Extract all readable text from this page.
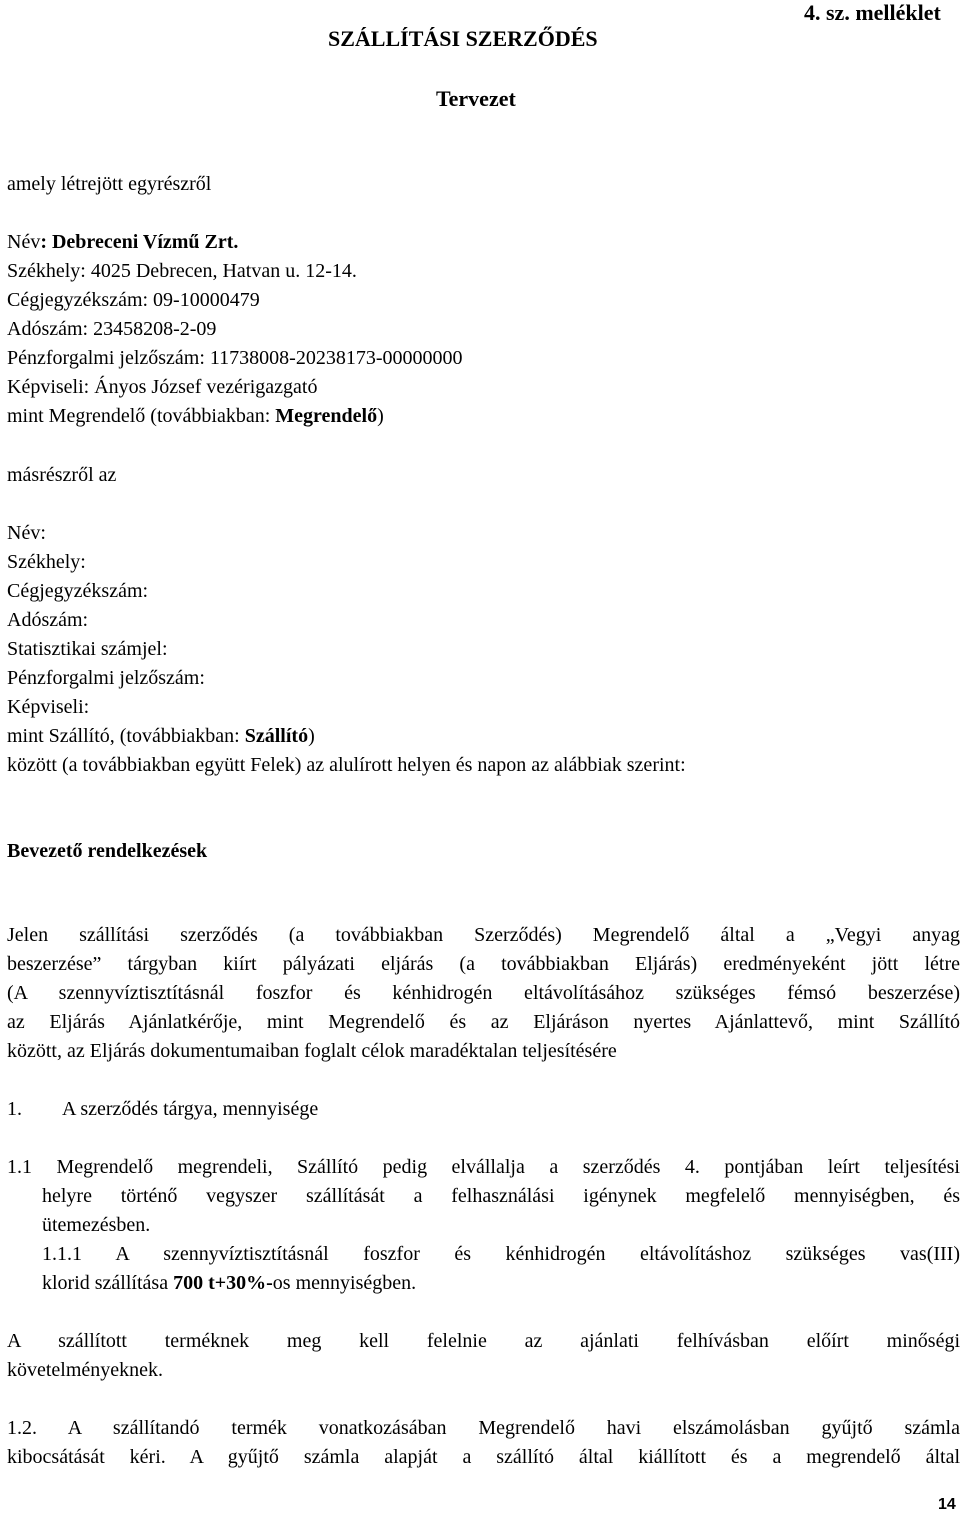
SZÁLLÍTÁSI SZERZŐDÉS
4. sz. melléklet
Tervezet
amely létrejött egyrészről
Név: Debreceni Vízmű Zrt.
Székhely: 4025 Debrecen, Hatvan u. 12-14.
Cégjegyzékszám: 09-10000479
Adószám: 23458208-2-09
Pénzforgalmi jelzőszám: 11738008-20238173-00000000
Képviseli: Ányos József vezérigazgató
mint Megrendelő (továbbiakban: Megrendelő)
másrészről az
Név:
Székhely:
Cégjegyzékszám:
Adószám:
Statisztikai számjel:
Pénzforgalmi jelzőszám:
Képviseli:
mint Szállító, (továbbiakban: Szállító)
között (a továbbiakban együtt Felek) az alulírott helyen és napon az alábbiak szerint:
Bevezető rendelkezések
Jelen szállítási szerződés (a továbbiakban Szerződés) Megrendelő által a „Vegyi anyag
beszerzése” tárgyban kiírt pályázati eljárás (a továbbiakban Eljárás) eredményeként jött létre
(A szennyvíztisztításnál foszfor és kénhidrogén eltávolításához szükséges fémsó beszerzése)
az Eljárás Ajánlatkérője, mint Megrendelő és az Eljáráson nyertes Ajánlattevő, mint Szállító
között, az Eljárás dokumentumaiban foglalt célok maradéktalan teljesítésére
1. A szerződés tárgya, mennyisége
1.1 Megrendelő megrendeli, Szállító pedig elvállalja a szerződés 4. pontjában leírt teljesítési
helyre történő vegyszer szállítását a felhasználási igénynek megfelelő mennyiségben, és
ütemezésben.
1.1.1 A szennyvíztisztításnál foszfor és kénhidrogén eltávolításhoz szükséges vas(III)
klorid szállítása 700 t+30%-os mennyiségben.
A szállított terméknek meg kell felelnie az ajánlati felhívásban előírt minőségi
követelményeknek.
1.2. A szállítandó termék vonatkozásában Megrendelő havi elszámolásban gyűjtő számla
kibocsátását kéri. A gyűjtő számla alapját a szállító által kiállított és a megrendelő által
14
